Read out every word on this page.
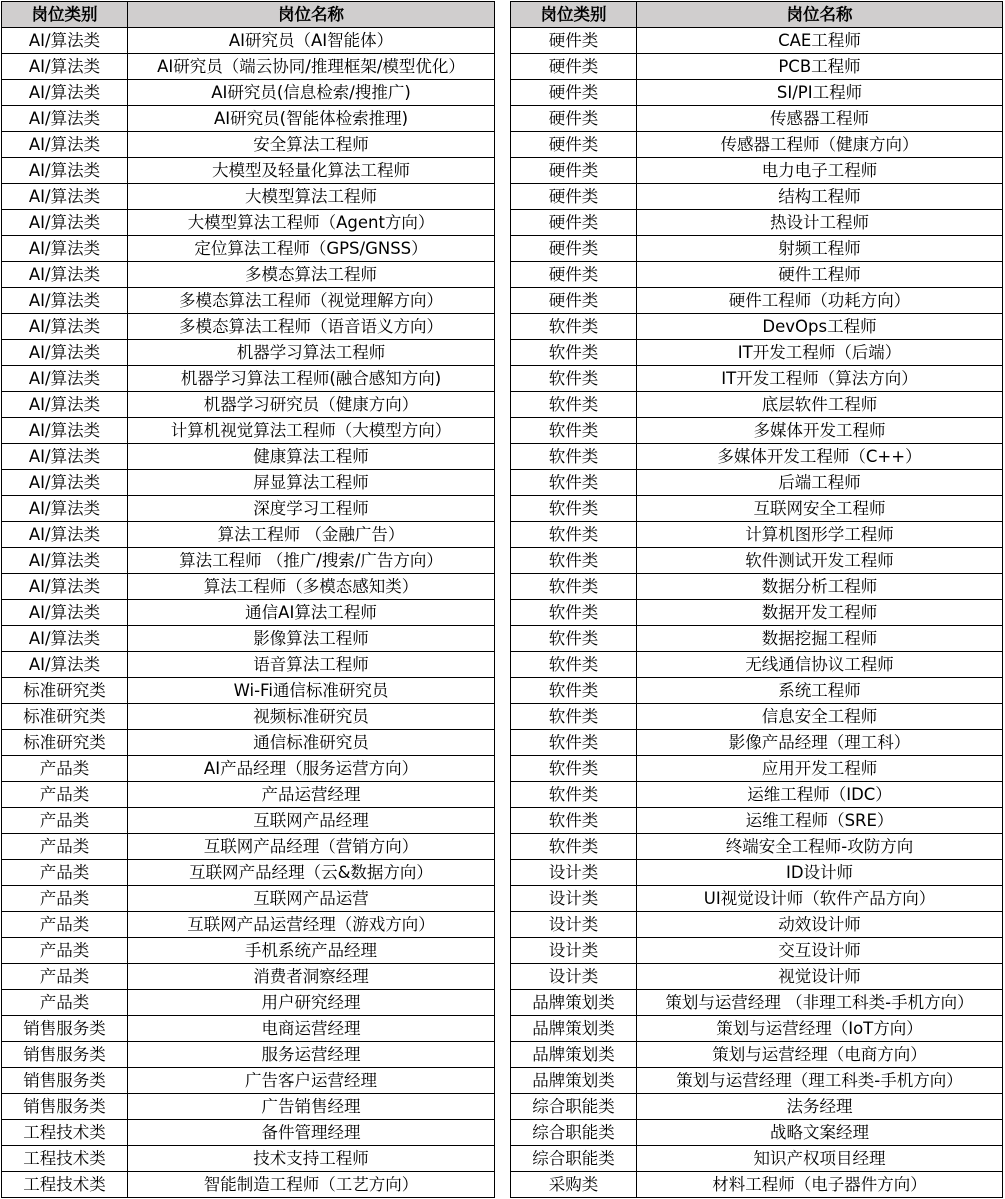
岗位类别	岗位名称
AI/算法类	AI研究员（AI智能体）
AI/算法类	AI研究员（端云协同/推理框架/模型优化）
AI/算法类	AI研究员(信息检索/搜推广)
AI/算法类	AI研究员(智能体检索推理)
AI/算法类	安全算法工程师
AI/算法类	大模型及轻量化算法工程师
AI/算法类	大模型算法工程师
AI/算法类	大模型算法工程师（Agent方向）
AI/算法类	定位算法工程师（GPS/GNSS）
AI/算法类	多模态算法工程师
AI/算法类	多模态算法工程师（视觉理解方向）
AI/算法类	多模态算法工程师（语音语义方向）
AI/算法类	机器学习算法工程师
AI/算法类	机器学习算法工程师(融合感知方向)
AI/算法类	机器学习研究员（健康方向）
AI/算法类	计算机视觉算法工程师（大模型方向）
AI/算法类	健康算法工程师
AI/算法类	屏显算法工程师
AI/算法类	深度学习工程师
AI/算法类	算法工程师 （金融广告）
AI/算法类	算法工程师 （推广/搜索/广告方向）
AI/算法类	算法工程师（多模态感知类）
AI/算法类	通信AI算法工程师
AI/算法类	影像算法工程师
AI/算法类	语音算法工程师
标准研究类	Wi-Fi通信标准研究员
标准研究类	视频标准研究员
标准研究类	通信标准研究员
产品类	AI产品经理（服务运营方向）
产品类	产品运营经理
产品类	互联网产品经理
产品类	互联网产品经理（营销方向）
产品类	互联网产品经理（云&数据方向）
产品类	互联网产品运营
产品类	互联网产品运营经理（游戏方向）
产品类	手机系统产品经理
产品类	消费者洞察经理
产品类	用户研究经理
销售服务类	电商运营经理
销售服务类	服务运营经理
销售服务类	广告客户运营经理
销售服务类	广告销售经理
工程技术类	备件管理经理
工程技术类	技术支持工程师
工程技术类	智能制造工程师（工艺方向）
岗位类别	岗位名称
硬件类	CAE工程师
硬件类	PCB工程师
硬件类	SI/PI工程师
硬件类	传感器工程师
硬件类	传感器工程师（健康方向）
硬件类	电力电子工程师
硬件类	结构工程师
硬件类	热设计工程师
硬件类	射频工程师
硬件类	硬件工程师
硬件类	硬件工程师（功耗方向）
软件类	DevOps工程师
软件类	IT开发工程师（后端）
软件类	IT开发工程师（算法方向）
软件类	底层软件工程师
软件类	多媒体开发工程师
软件类	多媒体开发工程师（C++）
软件类	后端工程师
软件类	互联网安全工程师
软件类	计算机图形学工程师
软件类	软件测试开发工程师
软件类	数据分析工程师
软件类	数据开发工程师
软件类	数据挖掘工程师
软件类	无线通信协议工程师
软件类	系统工程师
软件类	信息安全工程师
软件类	影像产品经理（理工科）
软件类	应用开发工程师
软件类	运维工程师（IDC）
软件类	运维工程师（SRE）
软件类	终端安全工程师-攻防方向
设计类	ID设计师
设计类	UI视觉设计师（软件产品方向）
设计类	动效设计师
设计类	交互设计师
设计类	视觉设计师
品牌策划类	策划与运营经理 （非理工科类-手机方向）
品牌策划类	策划与运营经理（IoT方向）
品牌策划类	策划与运营经理（电商方向）
品牌策划类	策划与运营经理（理工科类-手机方向）
综合职能类	法务经理
综合职能类	战略文案经理
综合职能类	知识产权项目经理
采购类	材料工程师（电子器件方向）
